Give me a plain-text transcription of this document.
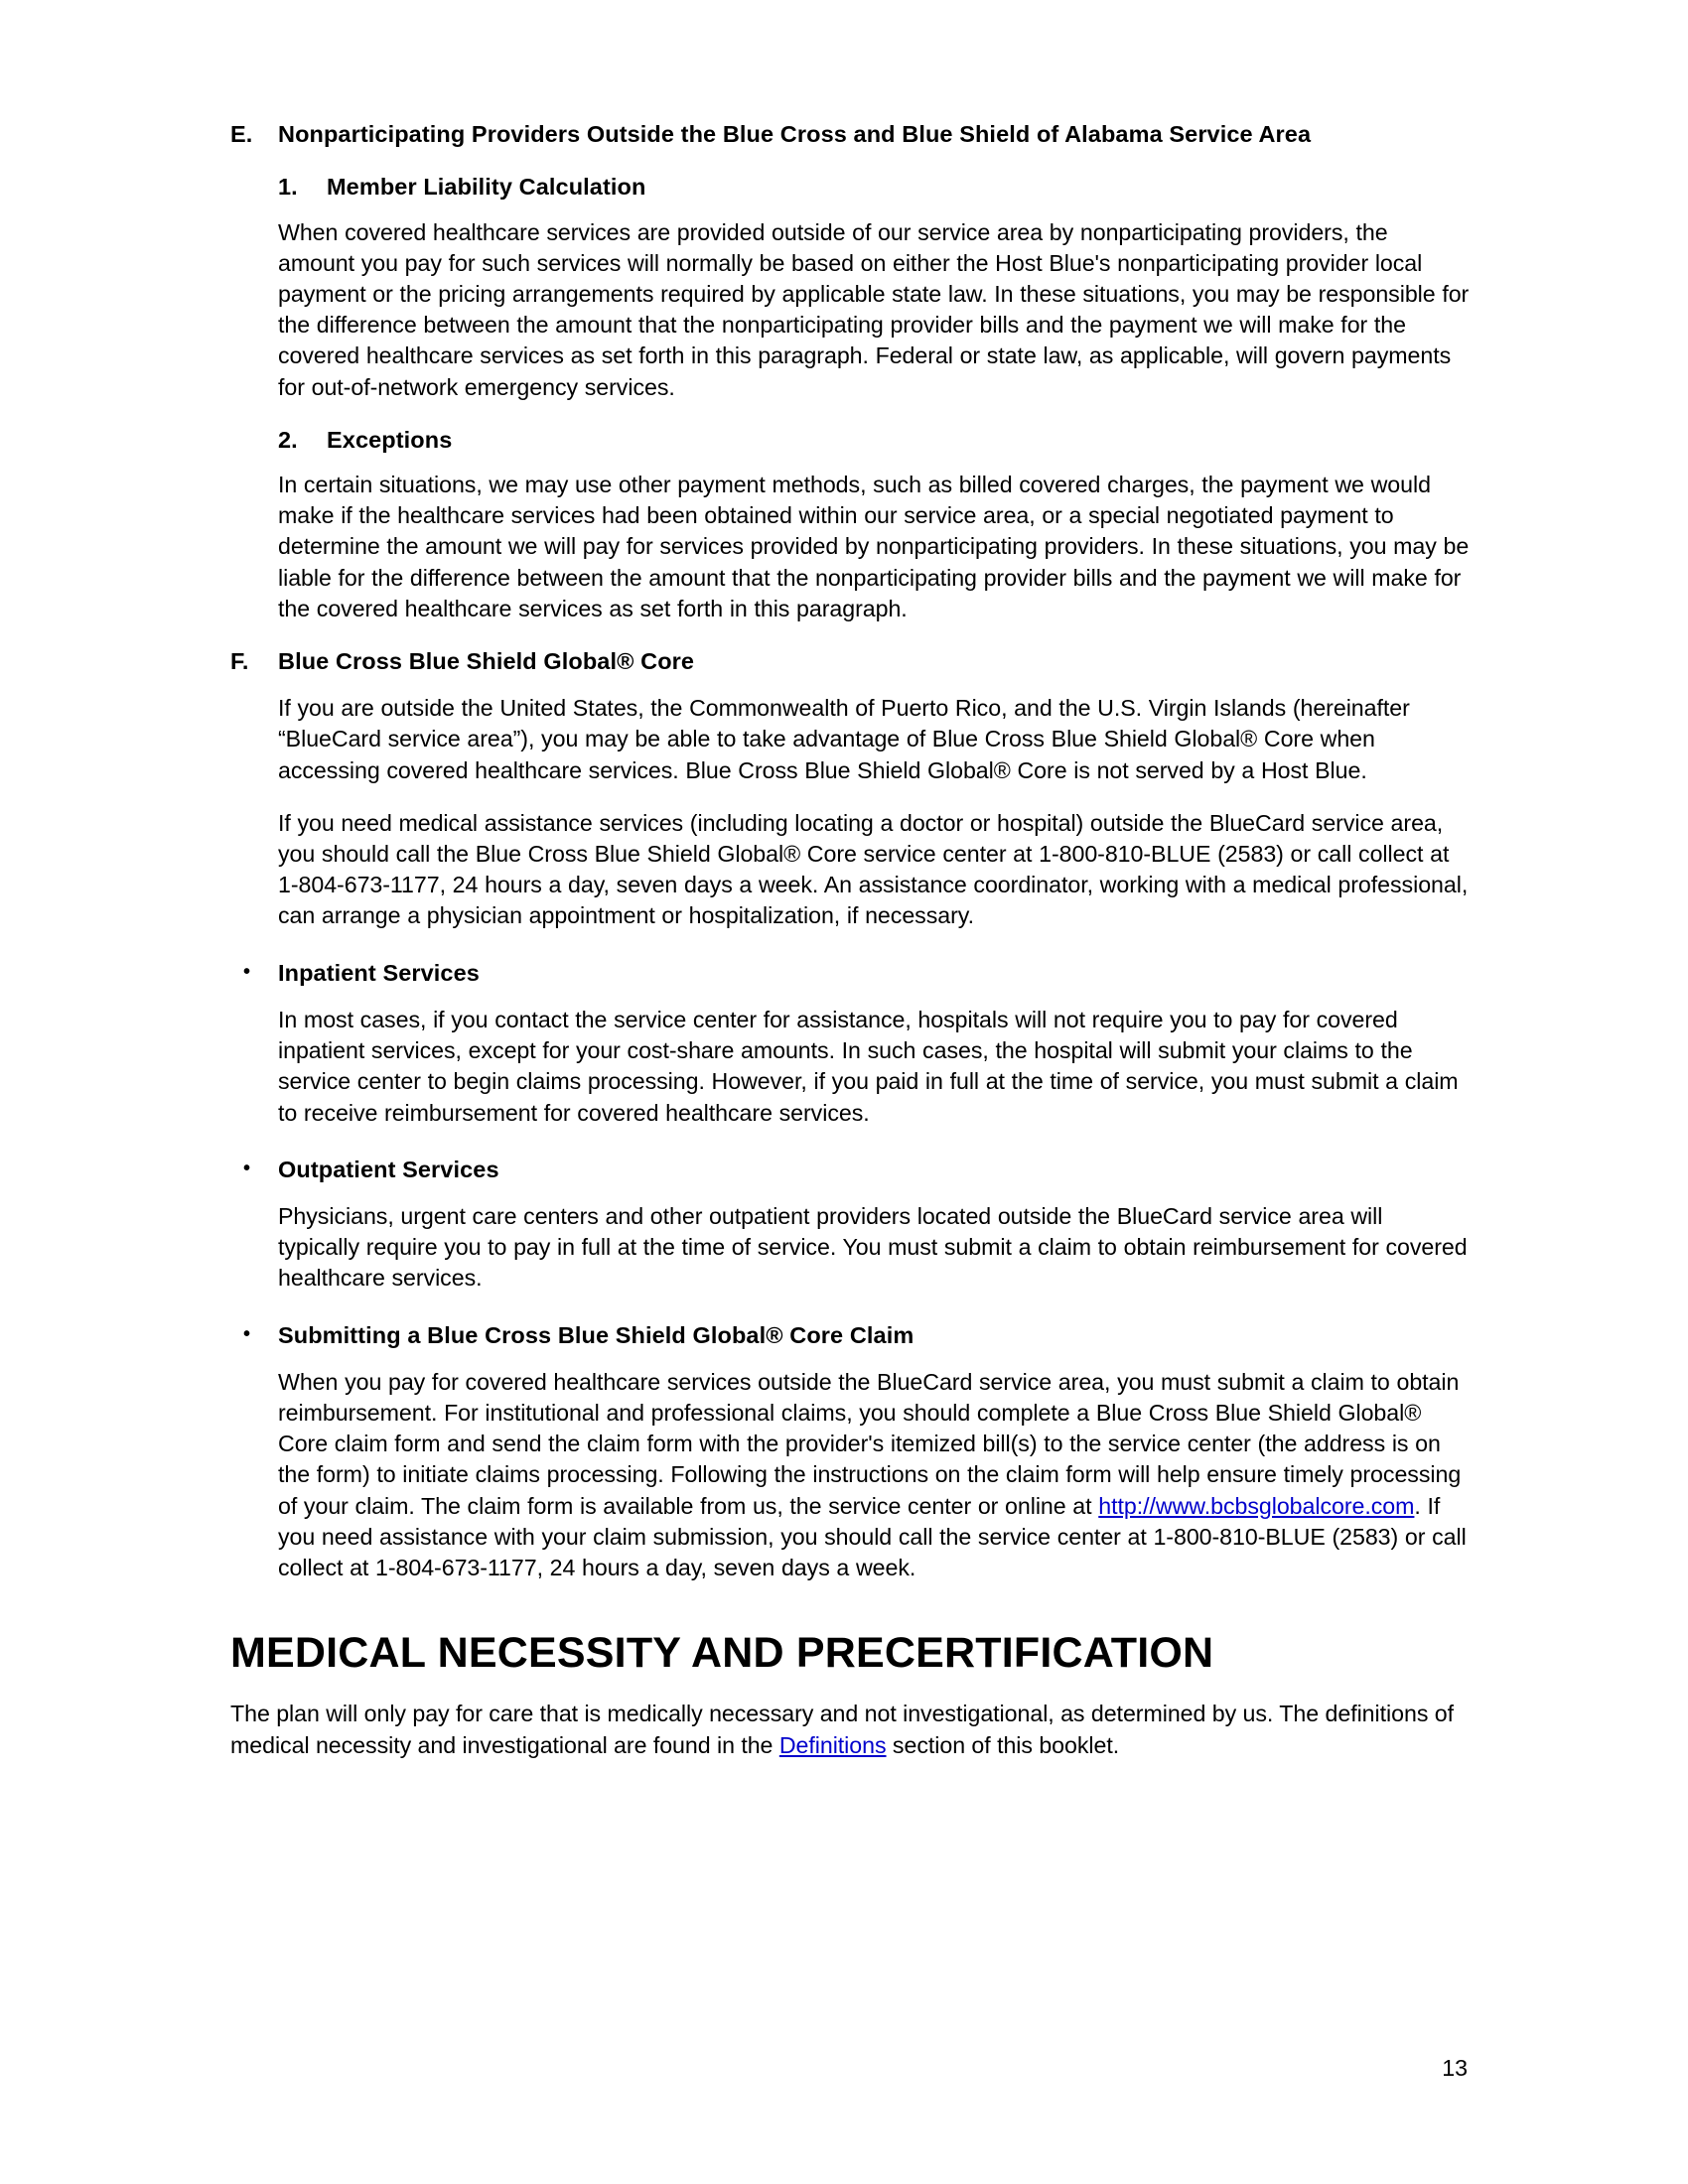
E.	Nonparticipating Providers Outside the Blue Cross and Blue Shield of Alabama Service Area
1.	Member Liability Calculation

When covered healthcare services are provided outside of our service area by nonparticipating providers, the amount you pay for such services will normally be based on either the Host Blue's nonparticipating provider local payment or the pricing arrangements required by applicable state law. In these situations, you may be responsible for the difference between the amount that the nonparticipating provider bills and the payment we will make for the covered healthcare services as set forth in this paragraph. Federal or state law, as applicable, will govern payments for out-of-network emergency services.

2.	Exceptions

In certain situations, we may use other payment methods, such as billed covered charges, the payment we would make if the healthcare services had been obtained within our service area, or a special negotiated payment to determine the amount we will pay for services provided by nonparticipating providers. In these situations, you may be liable for the difference between the amount that the nonparticipating provider bills and the payment we will make for the covered healthcare services as set forth in this paragraph.

F.	Blue Cross Blue Shield Global® Core

If you are outside the United States, the Commonwealth of Puerto Rico, and the U.S. Virgin Islands (hereinafter “BlueCard service area”), you may be able to take advantage of Blue Cross Blue Shield Global® Core when accessing covered healthcare services. Blue Cross Blue Shield Global® Core is not served by a Host Blue.

If you need medical assistance services (including locating a doctor or hospital) outside the BlueCard service area, you should call the Blue Cross Blue Shield Global® Core service center at 1-800-810-BLUE (2583) or call collect at 1-804-673-1177, 24 hours a day, seven days a week. An assistance coordinator, working with a medical professional, can arrange a physician appointment or hospitalization, if necessary.

•	Inpatient Services

In most cases, if you contact the service center for assistance, hospitals will not require you to pay for covered inpatient services, except for your cost-share amounts. In such cases, the hospital will submit your claims to the service center to begin claims processing. However, if you paid in full at the time of service, you must submit a claim to receive reimbursement for covered healthcare services.

•	Outpatient Services

Physicians, urgent care centers and other outpatient providers located outside the BlueCard service area will typically require you to pay in full at the time of service. You must submit a claim to obtain reimbursement for covered healthcare services.

•	Submitting a Blue Cross Blue Shield Global® Core Claim

When you pay for covered healthcare services outside the BlueCard service area, you must submit a claim to obtain reimbursement. For institutional and professional claims, you should complete a Blue Cross Blue Shield Global® Core claim form and send the claim form with the provider's itemized bill(s) to the service center (the address is on the form) to initiate claims processing. Following the instructions on the claim form will help ensure timely processing of your claim. The claim form is available from us, the service center or online at http://www.bcbsglobalcore.com. If you need assistance with your claim submission, you should call the service center at 1-800-810-BLUE (2583) or call collect at 1-804-673-1177, 24 hours a day, seven days a week.

MEDICAL NECESSITY AND PRECERTIFICATION

The plan will only pay for care that is medically necessary and not investigational, as determined by us. The definitions of medical necessity and investigational are found in the Definitions section of this booklet.

13
